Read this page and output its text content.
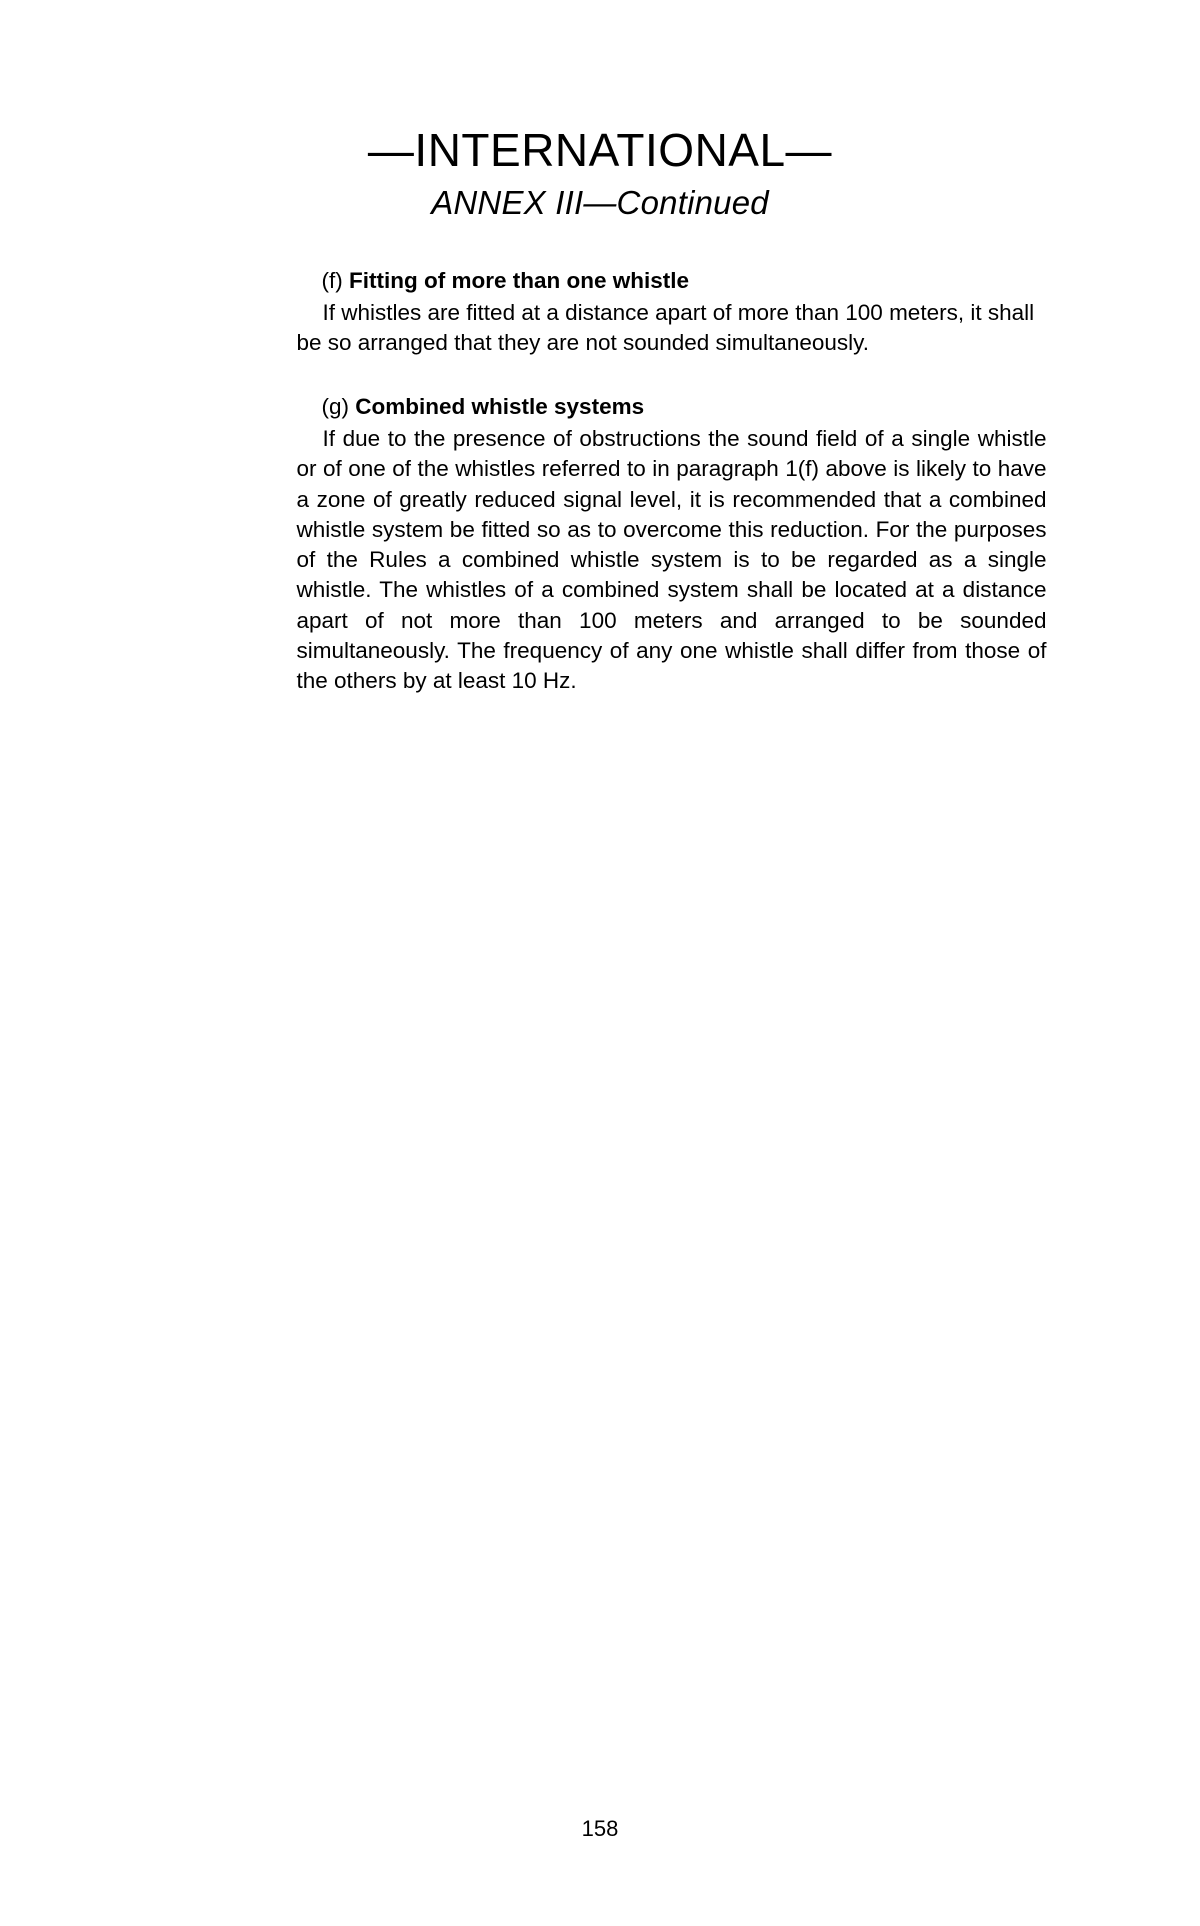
—INTERNATIONAL—
ANNEX III—Continued

(f) Fitting of more than one whistle

If whistles are fitted at a distance apart of more than 100 meters, it shall be so arranged that they are not sounded simultaneously.

(g) Combined whistle systems

If due to the presence of obstructions the sound field of a single whistle or of one of the whistles referred to in paragraph 1(f) above is likely to have a zone of greatly reduced signal level, it is recommended that a combined whistle system be fitted so as to overcome this reduction. For the purposes of the Rules a combined whistle system is to be regarded as a single whistle. The whistles of a combined system shall be located at a distance apart of not more than 100 meters and arranged to be sounded simultaneously. The frequency of any one whistle shall differ from those of the others by at least 10 Hz.

158
